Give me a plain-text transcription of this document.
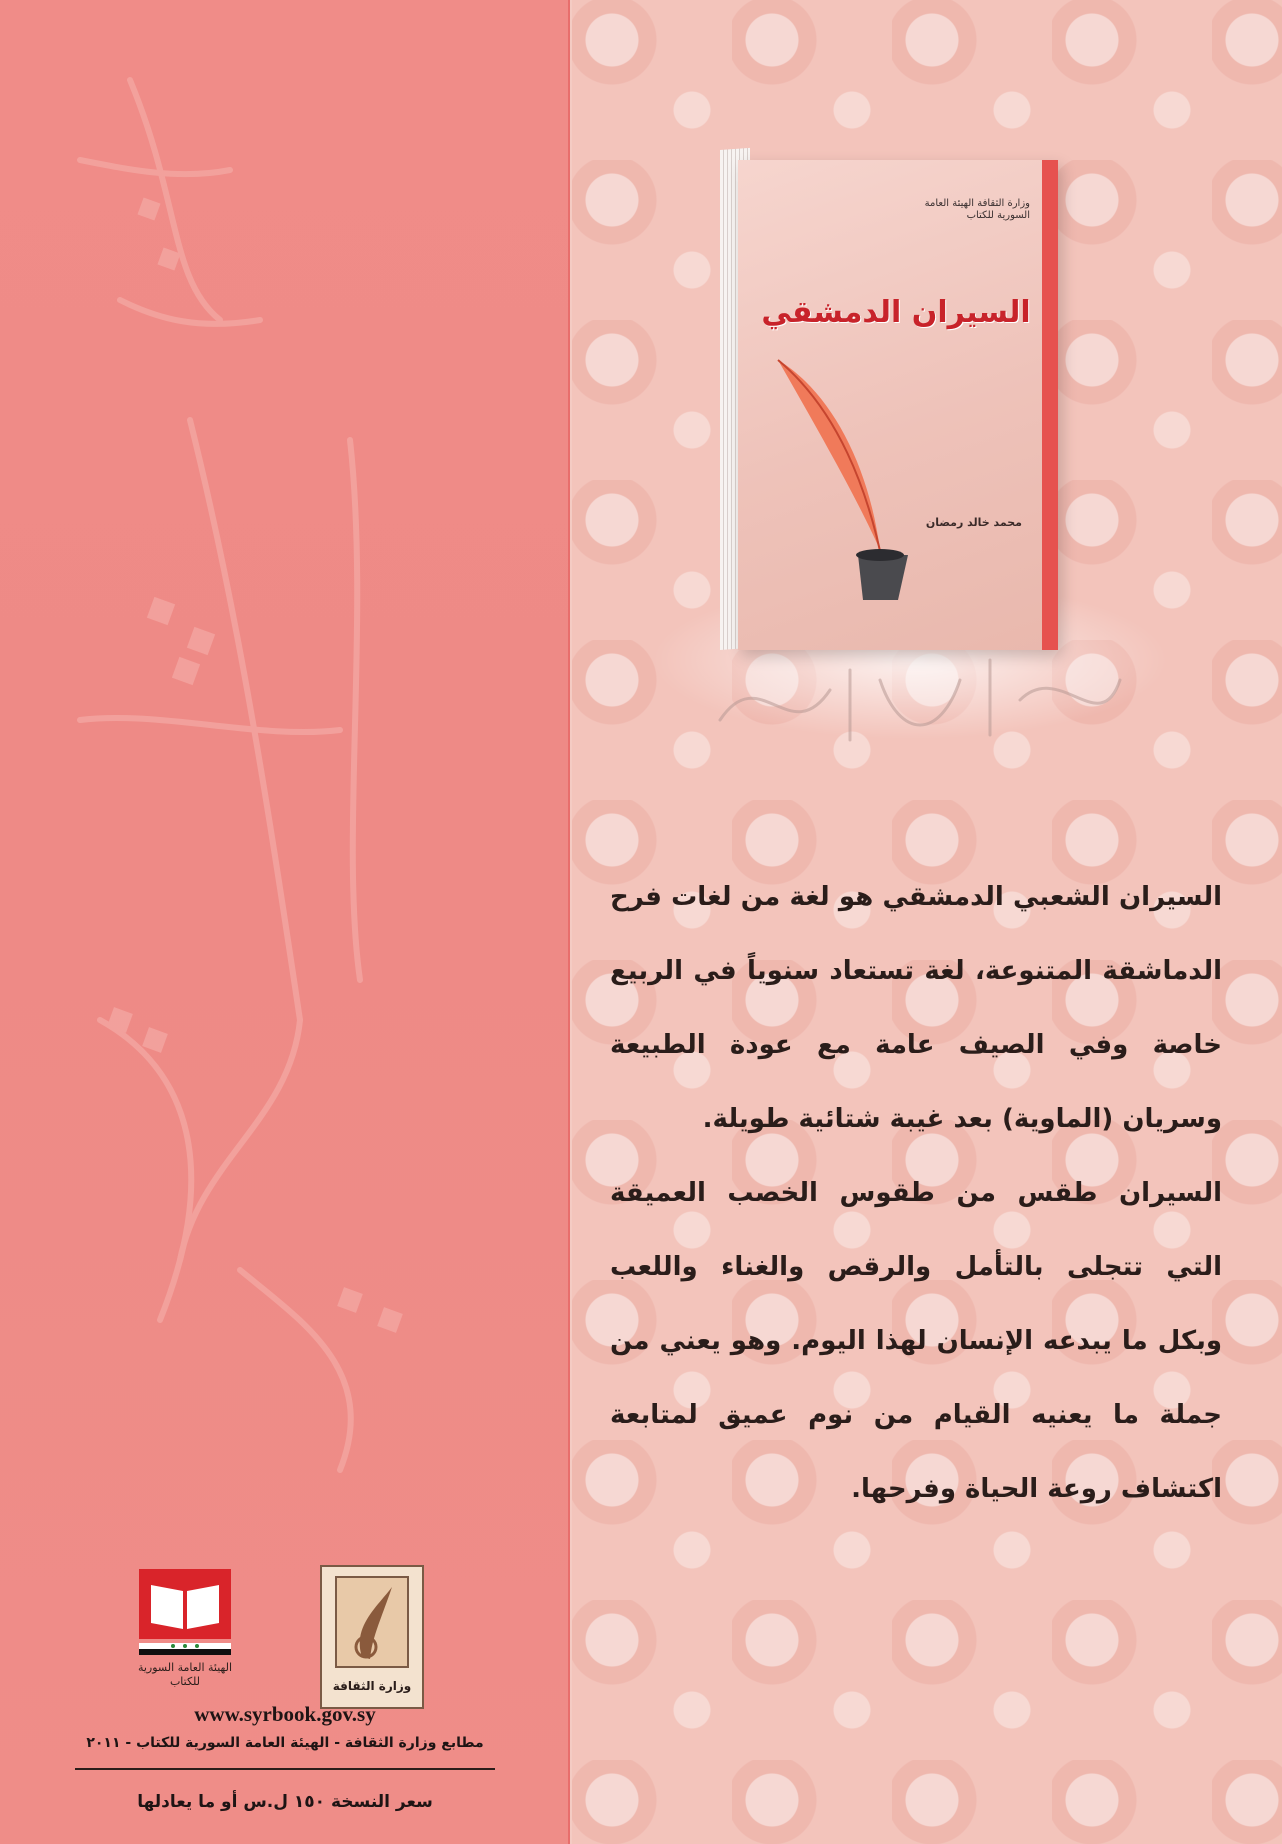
الهيئة العامة السورية للكتاب	وزارة الثقافة
www.syrbook.gov.sy
مطابع وزارة الثقافة - الهيئة العامة السورية للكتاب - ٢٠١١
سعر النسخة ١٥٠ ل.س أو ما يعادلها
وزارة الثقافة الهيئة العامة السورية للكتاب
السيران الدمشقي
محمد خالد رمضان

السيران الشعبي الدمشقي هو لغة من لغات فرح الدماشقة المتنوعة، لغة تستعاد سنوياً في الربيع خاصة وفي الصيف عامة مع عودة الطبيعة وسريان (الماوية) بعد غيبة شتائية طويلة.

السيران طقس من طقوس الخصب العميقة التي تتجلى بالتأمل والرقص والغناء واللعب وبكل ما يبدعه الإنسان لهذا اليوم. وهو يعني من جملة ما يعنيه القيام من نوم عميق لمتابعة اكتشاف روعة الحياة وفرحها.
